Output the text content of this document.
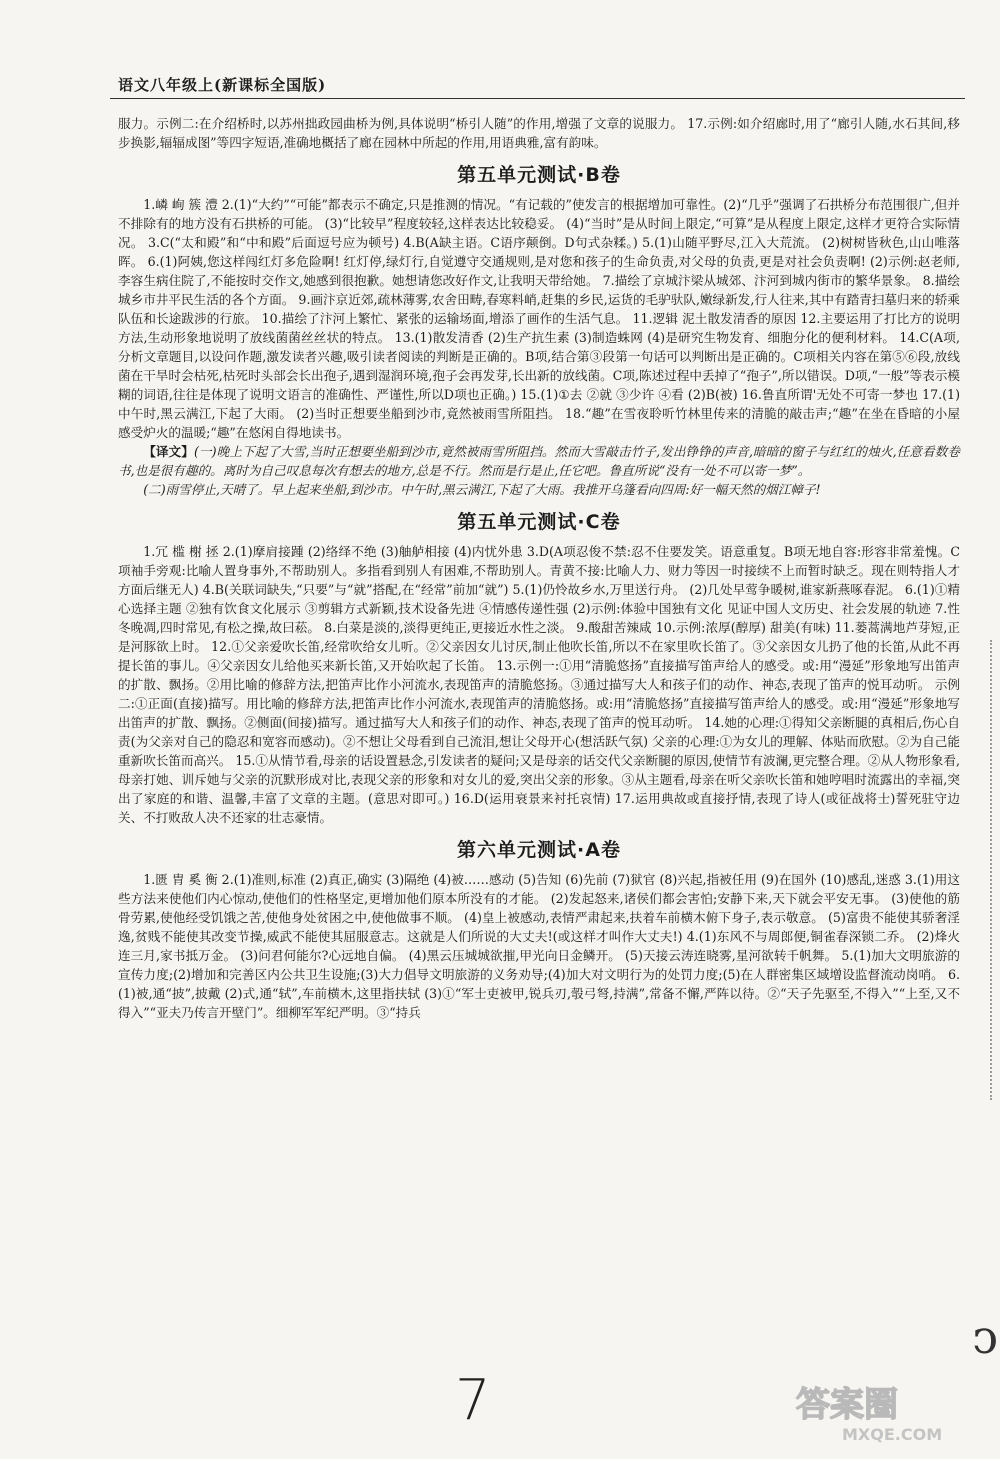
语文八年级上(新课标全国版)

服力。示例二:在介绍桥时,以苏州拙政园曲桥为例,具体说明“桥引人随”的作用,增强了文章的说服力。 17.示例:如介绍廊时,用了“廊引人随,水石其间,移步换影,辐辐成图”等四字短语,准确地概括了廊在园林中所起的作用,用语典雅,富有韵味。

第五单元测试·B卷

1.嶙 峋 簇 澧 2.(1)“大约”“可能”都表示不确定,只是推测的情况。“有记载的”使发言的根据增加可靠性。(2)“几乎”强调了石拱桥分布范围很广,但并不排除有的地方没有石拱桥的可能。 (3)“比较早”程度较轻,这样表达比较稳妥。 (4)“当时”是从时间上限定,“可算”是从程度上限定,这样才更符合实际情况。 3.C(“太和殿”和“中和殿”后面逗号应为顿号) 4.B(A缺主语。C语序颠倒。D句式杂糅。) 5.(1)山随平野尽,江入大荒流。 (2)树树皆秋色,山山唯落晖。 6.(1)阿姨,您这样闯红灯多危险啊! 红灯停,绿灯行,自觉遵守交通规则,是对您和孩子的生命负责,对父母的负责,更是对社会负责啊! (2)示例:赵老师,李容生病住院了,不能按时交作文,她感到很抱歉。她想请您改好作文,让我明天带给她。 7.描绘了京城汴梁从城郊、汴河到城内街市的繁华景象。 8.描绘城乡市井平民生活的各个方面。 9.画汴京近郊,疏林薄雾,农舍田畴,春寒料峭,赶集的乡民,运货的毛驴驮队,嫩绿新发,行人往来,其中有踏青扫墓归来的轿乘队伍和长途跋涉的行旅。 10.描绘了汴河上繁忙、紧张的运输场面,增添了画作的生活气息。 11.逻辑 泥土散发清香的原因 12.主要运用了打比方的说明方法,生动形象地说明了放线菌菌丝丝状的特点。 13.(1)散发清香 (2)生产抗生素 (3)制造蛛网 (4)是研究生物发育、细胞分化的便利材料。 14.C(A项,分析文章题目,以设问作题,激发读者兴趣,吸引读者阅读的判断是正确的。B项,结合第③段第一句话可以判断出是正确的。C项相关内容在第⑤⑥段,放线菌在干旱时会枯死,枯死时头部会长出孢子,遇到湿润环境,孢子会再发芽,长出新的放线菌。C项,陈述过程中丢掉了“孢子”,所以错误。D项,“一般”等表示模糊的词语,往往是体现了说明文语言的准确性、严谨性,所以D项也正确。) 15.(1)①去 ②就 ③少许 ④看 (2)B(被) 16.鲁直所谓'无处不可寄一梦也 17.(1)中午时,黑云满江,下起了大雨。 (2)当时正想要坐船到沙市,竟然被雨雪所阻挡。 18.“趣”在雪夜聆听竹林里传来的清脆的敲击声;“趣”在坐在昏暗的小屋感受炉火的温暖;“趣”在悠闲自得地读书。

【译文】(一)晚上下起了大雪,当时正想要坐船到沙市,竟然被雨雪所阻挡。然而大雪敲击竹子,发出铮铮的声音,暗暗的窗子与红红的烛火,任意看数卷书,也是很有趣的。离时为自己叹息每次有想去的地方,总是不行。然而是行是止,任它吧。鲁直所说“没有一处不可以寄一梦”。

(二)雨雪停止,天晴了。早上起来坐船,到沙市。中午时,黑云满江,下起了大雨。我推开乌篷看向四周:好一幅天然的烟江幛子!

第五单元测试·C卷

1.冗 槛 榭 拯 2.(1)摩肩接踵 (2)络绎不绝 (3)舳舻相接 (4)内忧外患 3.D(A项忍俊不禁:忍不住要发笑。语意重复。B项无地自容:形容非常羞愧。C项袖手旁观:比喻人置身事外,不帮助别人。多指看到别人有困难,不帮助别人。青黄不接:比喻人力、财力等因一时接续不上而暂时缺乏。现在则特指人才方面后继无人) 4.B(关联词缺失,“只要”与“就”搭配,在“经常”前加“就”) 5.(1)仍怜故乡水,万里送行舟。 (2)几处早莺争暖树,谁家新燕啄春泥。 6.(1)①精心选择主题 ②独有饮食文化展示 ③剪辑方式新颖,技术设备先进 ④情感传递性强 (2)示例:体验中国独有文化 见证中国人文历史、社会发展的轨迹 7.性冬晚凋,四时常见,有松之操,故曰菘。 8.白菜是淡的,淡得更纯正,更接近水性之淡。 9.酸甜苦辣咸 10.示例:浓厚(醇厚) 甜美(有味) 11.蒌蒿满地芦芽短,正是河豚欲上时。 12.①父亲爱吹长笛,经常吹给女儿听。②父亲因女儿讨厌,制止他吹长笛,所以不在家里吹长笛了。③父亲因女儿扔了他的长笛,从此不再提长笛的事儿。④父亲因女儿给他买来新长笛,又开始吹起了长笛。 13.示例一:①用“清脆悠扬”直接描写笛声给人的感受。或:用“漫延”形象地写出笛声的扩散、飘扬。②用比喻的修辞方法,把笛声比作小河流水,表现笛声的清脆悠扬。③通过描写大人和孩子们的动作、神态,表现了笛声的悦耳动听。 示例二:①正面(直接)描写。用比喻的修辞方法,把笛声比作小河流水,表现笛声的清脆悠扬。或:用“清脆悠扬”直接描写笛声给人的感受。或:用“漫延”形象地写出笛声的扩散、飘扬。②侧面(间接)描写。通过描写大人和孩子们的动作、神态,表现了笛声的悦耳动听。 14.她的心理:①得知父亲断腿的真相后,伤心自责(为父亲对自己的隐忍和宽容而感动)。②不想让父母看到自己流泪,想让父母开心(想活跃气氛) 父亲的心理:①为女儿的理解、体贴而欣慰。②为自己能重新吹长笛而高兴。 15.①从情节看,母亲的话设置悬念,引发读者的疑问;又是母亲的话交代父亲断腿的原因,使情节有波澜,更完整合理。②从人物形象看,母亲打她、训斥她与父亲的沉默形成对比,表现父亲的形象和对女儿的爱,突出父亲的形象。③从主题看,母亲在听父亲吹长笛和她哼唱时流露出的幸福,突出了家庭的和谐、温馨,丰富了文章的主题。(意思对即可。) 16.D(运用衰景来衬托哀情) 17.运用典故或直接抒情,表现了诗人(或征战将士)誓死驻守边关、不打败敌人决不还家的壮志豪情。

第六单元测试·A卷

1.匮 胄 奚 衡 2.(1)准则,标准 (2)真正,确实 (3)隔绝 (4)被……感动 (5)告知 (6)先前 (7)狱官 (8)兴起,指被任用 (9)在国外 (10)感乱,迷惑 3.(1)用这些方法来使他们内心惊动,使他们的性格坚定,更增加他们原本所没有的才能。 (2)发起怒来,诸侯们都会害怕;安静下来,天下就会平安无事。 (3)使他的筋骨劳累,使他经受饥饿之苦,使他身处贫困之中,使他做事不顺。 (4)皇上被感动,表情严肃起来,扶着车前横木俯下身子,表示敬意。 (5)富贵不能使其骄奢淫逸,贫贱不能使其改变节操,威武不能使其屈服意志。这就是人们所说的大丈夫!(或这样才叫作大丈夫!) 4.(1)东风不与周郎便,铜雀春深锁二乔。 (2)烽火连三月,家书抵万金。 (3)问君何能尔?心远地自偏。 (4)黑云压城城欲摧,甲光向日金鳞开。 (5)天接云涛连晓雾,星河欲转千帆舞。 5.(1)加大文明旅游的宣传力度;(2)增加和完善区内公共卫生设施;(3)大力倡导文明旅游的义务劝导;(4)加大对文明行为的处罚力度;(5)在人群密集区域增设监督流动岗哨。 6.(1)被,通“披”,披戴 (2)式,通“轼”,车前横木,这里指扶轼 (3)①“军士吏被甲,锐兵刃,彀弓弩,持满”,常备不懈,严阵以待。②“天子先驱至,不得入”“上至,又不得入”“亚夫乃传言开壁门”。细柳军军纪严明。③“持兵

ↄ
7	答案圈
MXQE.COM
